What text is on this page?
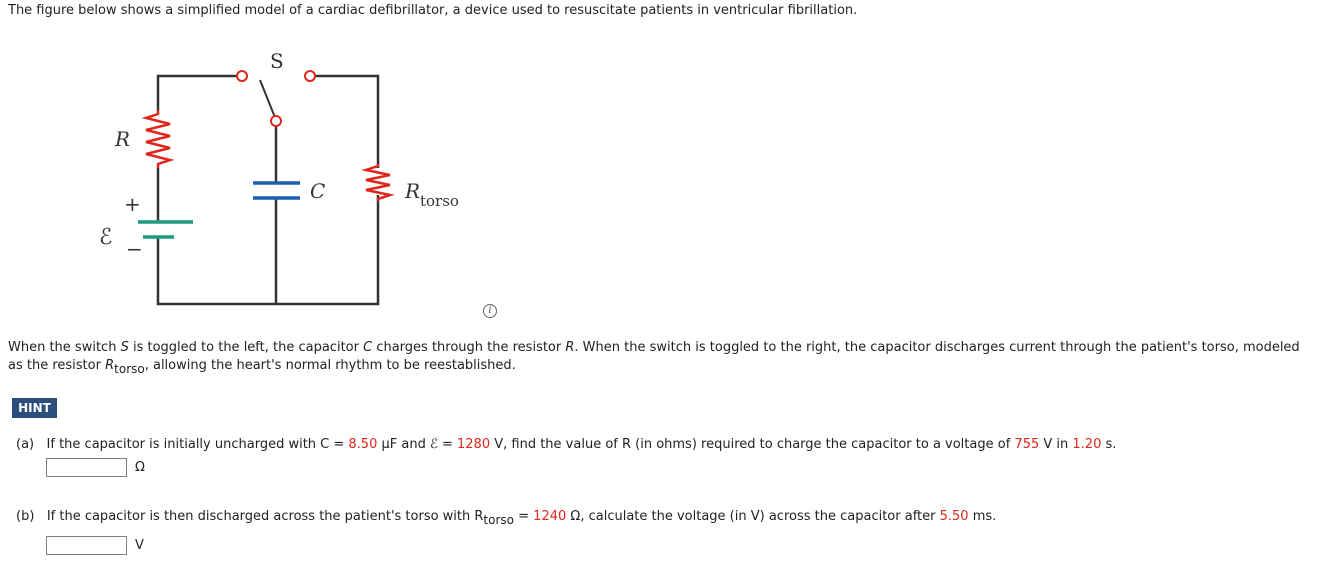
The figure below shows a simplified model of a cardiac defibrillator, a device used to resuscitate patients in ventricular fibrillation.
S
R
C	R torso
+
ℰ −
i
When the switch S is toggled to the left, the capacitor C charges through the resistor R. When the switch is toggled to the right, the capacitor discharges current through the patient's torso, modeled as the resistor Rtorso, allowing the heart's normal rhythm to be reestablished.
HINT
(a) If the capacitor is initially uncharged with C = 8.50 µF and ℰ = 1280 V, find the value of R (in ohms) required to charge the capacitor to a voltage of 755 V in 1.20 s.
Ω
(b) If the capacitor is then discharged across the patient's torso with Rtorso = 1240 Ω, calculate the voltage (in V) across the capacitor after 5.50 ms.
V
